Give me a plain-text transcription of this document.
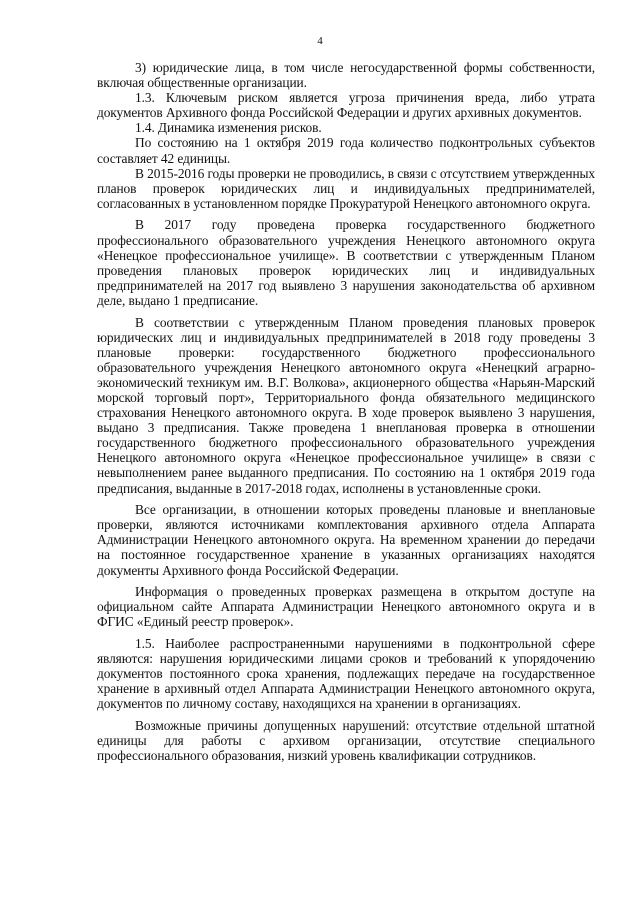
4

3) юридические лица, в том числе негосударственной формы собственности, включая общественные организации.

1.3. Ключевым риском является угроза причинения вреда, либо утрата документов Архивного фонда Российской Федерации и других архивных документов.

1.4. Динамика изменения рисков.

По состоянию на 1 октября 2019 года количество подконтрольных субъектов составляет 42 единицы.

В 2015-2016 годы проверки не проводились, в связи с отсутствием утвержденных планов проверок юридических лиц и индивидуальных предпринимателей, согласованных в установленном порядке Прокуратурой Ненецкого автономного округа.

В 2017 году проведена проверка государственного бюджетного профессионального образовательного учреждения Ненецкого автономного округа «Ненецкое профессиональное училище». В соответствии с утвержденным Планом проведения плановых проверок юридических лиц и индивидуальных предпринимателей на 2017 год выявлено 3 нарушения законодательства об архивном деле, выдано 1 предписание.

В соответствии с утвержденным Планом проведения плановых проверок юридических лиц и индивидуальных предпринимателей в 2018 году проведены 3 плановые проверки: государственного бюджетного профессионального образовательного учреждения Ненецкого автономного округа «Ненецкий аграрно-экономический техникум им. В.Г. Волкова», акционерного общества «Нарьян-Марский морской торговый порт», Территориального фонда обязательного медицинского страхования Ненецкого автономного округа. В ходе проверок выявлено 3 нарушения, выдано 3 предписания. Также проведена 1 внеплановая проверка в отношении государственного бюджетного профессионального образовательного учреждения Ненецкого автономного округа «Ненецкое профессиональное училище» в связи с невыполнением ранее выданного предписания. По состоянию на 1 октября 2019 года предписания, выданные в 2017-2018 годах, исполнены в установленные сроки.

Все организации, в отношении которых проведены плановые и внеплановые проверки, являются источниками комплектования архивного отдела Аппарата Администрации Ненецкого автономного округа. На временном хранении до передачи на постоянное государственное хранение в указанных организациях находятся документы Архивного фонда Российской Федерации.

Информация о проведенных проверках размещена в открытом доступе на официальном сайте Аппарата Администрации Ненецкого автономного округа и в ФГИС «Единый реестр проверок».

1.5. Наиболее распространенными нарушениями в подконтрольной сфере являются: нарушения юридическими лицами сроков и требований к упорядочению документов постоянного срока хранения, подлежащих передаче на государственное хранение в архивный отдел Аппарата Администрации Ненецкого автономного округа, документов по личному составу, находящихся на хранении в организациях.

Возможные причины допущенных нарушений: отсутствие отдельной штатной единицы для работы с архивом организации, отсутствие специального профессионального образования, низкий уровень квалификации сотрудников.
